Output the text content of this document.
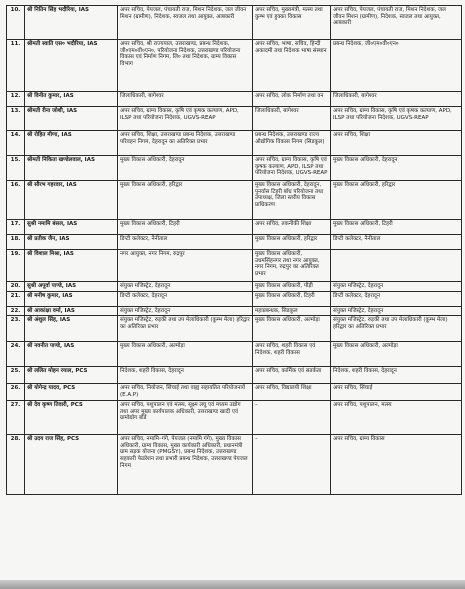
10.	श्री नितिन सिंह भदौरिया, IAS	अपर सचिव, पेयजल, पंचायती राज, मिशन निदेशक, जल जीवन मिशन (ग्रामीण), निदेशक, स्वजल तथा आयुक्त, आबकारी	अपर सचिव, मुख्यमंत्री, मत्स्य तथा कुम्भ एवं हुक्का विकास	अपर सचिव, पेयजल, पंचायती राज, मिशन निदेशक, जल जीवन मिशन (ग्रामीण), निदेशक, स्वजल तथा आयुक्त, आबकारी
11.	श्रीमती स्वाति एस० भदौरिया, IAS	अपर सचिव, श्री राज्यपाल, उत्तराखण्ड, प्रबन्ध निदेशक, जी०एम०वी०एन०, परियोजना निदेशक, उत्तराखण्ड परियोजना विकास एवं निर्माण निगम, लि० तथा निदेशक, ग्राम्य विकास विभाग	अपर सचिव, भाषा, सचिव, हिन्दी अकादमी तथा निदेशक भाषा संस्थान	प्रबन्ध निदेशक, जी०एम०वी०एन०
12.	श्री विनीत कुमार, IAS	जिलाधिकारी, बागेश्वर	अपर सचिव, लोक निर्माण तथा वन	जिलाधिकारी, बागेश्वर
13.	श्रीमती रीना जोशी, IAS	अपर सचिव, ग्राम्य विकास, कृषि एवं कृषक कल्याण, APD, ILSP तथा परियोजना निदेशक, UGVS-REAP	जिलाधिकारी, बागेश्वर	अपर सचिव, ग्राम्य विकास, कृषि एवं कृषक कल्याण, APD, ILSP तथा परियोजना निदेशक, UGVS-REAP
14.	श्री रोहित मीणा, IAS	अपर सचिव, शिक्षा, उत्तराखण्ड प्रबन्ध निदेशक, उत्तराखण्ड परिवहन निगम, देहरादून का अतिरिक्त प्रभार	प्रबन्ध निदेशक, उत्तराखण्ड राज्य औद्योगिक विकास निगम (सिडकुल)	अपर सचिव, शिक्षा
15.	श्रीमती निकिता खण्डेलवाल, IAS	मुख्य विकास अधिकारी, देहरादून	अपर सचिव, ग्राम्य विकास, कृषि एवं कृषक कल्याण, APD, ILSP तथा परियोजना निदेशक, UGVS-REAP	मुख्य विकास अधिकारी, देहरादून
16.	श्री सौरभ गहरवार, IAS	मुख्य विकास अधिकारी, हरिद्वार	मुख्य विकास अधिकारी, देहरादून, पुनर्वास टिहरी बाँध परियोजना तथा उपाध्यक्ष, जिला स्तरीय विकास प्राधिकरण	मुख्य विकास अधिकारी, हरिद्वार
17.	सुश्री नमामि बंसल, IAS	मुख्य विकास अधिकारी, टिहरी	अपर सचिव, तकनीकी शिक्षा	मुख्य विकास अधिकारी, टिहरी
18.	श्री प्रतीक जैन, IAS	डिप्टी कलेक्टर, नैनीताल	मुख्य विकास अधिकारी, हरिद्वार	डिप्टी कलेक्टर, नैनीताल
19.	श्री विशाल मिश्रा, IAS	नगर आयुक्त, नगर निगम, रुद्रपुर	मुख्य विकास अधिकारी, उधमसिंहनगर तथा नगर आयुक्त, नगर निगम, रुद्रपुर का अतिरिक्त प्रभार	
20.	सुश्री अपूर्वा पाण्डे, IAS	संयुक्त मजिस्ट्रेट, देहरादून	मुख्य विकास अधिकारी, पौड़ी	संयुक्त मजिस्ट्रेट, देहरादून
21.	श्री मनीष कुमार, IAS	डिप्टी कलेक्टर, देहरादून	मुख्य विकास अधिकारी, टिहरी	डिप्टी कलेक्टर, देहरादून
22.	श्री आकांक्षा वर्मा, IAS	संयुक्त मजिस्ट्रेट, देहरादून	महाप्रबन्धक, सिडकुल	संयुक्त मजिस्ट्रेट, देहरादून
23.	श्री अंशुल सिंह, IAS	संयुक्त मजिस्ट्रेट, रुड़की तथा उप मेलाधिकारी (कुम्भ मेला) हरिद्वार का अतिरिक्त प्रभार	मुख्य विकास अधिकारी, अल्मोड़ा	संयुक्त मजिस्ट्रेट, रुड़की तथा उप मेलाधिकारी (कुम्भ मेला) हरिद्वार का अतिरिक्त प्रभार
24.	श्री नवनीत पाण्डे, IAS	मुख्य विकास अधिकारी, अल्मोड़ा	अपर सचिव, शहरी विकास एवं निदेशक, शहरी विकास	मुख्य विकास अधिकारी, अल्मोड़ा
25.	श्री ललित मोहन रयाल, PCS	निदेशक, शहरी विकास, देहरादून	अपर सचिव, कार्मिक एवं सतर्कता	निदेशक, शहरी विकास, देहरादून
26.	श्री योगेन्द्र यादव, PCS	अपर सचिव, नियोजन, सिंचाई तथा वाह्य सहायतित परियोजनायें (E.A.P)	अपर सचिव, विद्यालयी शिक्षा	अपर सचिव, सिंचाई
27.	श्री देव कृष्ण तिवारी, PCS	अपर सचिव, पशुपालन एवं मत्स्य, सूक्ष्म लघु एवं मध्यम उद्योग तथा अपर मुख्य कार्यपालक अधिकारी, उत्तराखण्ड खादी एवं ग्रामोद्योग बोर्ड	–	अपर सचिव, पशुपालन, मत्स्य
28.	श्री उदय राज सिंह, PCS	अपर सचिव, नमामि–गंगे, पेयजल (नमामि गंगे), मुख्य विकास अधिकारी, ग्राम्य विकास, मुख्य कार्यकारी अधिकारी, प्रधानमंत्री ग्राम सड़क योजना (PMGSY), प्रबन्ध निदेशक, उत्तराखण्ड सहकारी फेडरेशन तथा प्रभारी प्रबन्ध निदेशक, उत्तराखण्ड पेयजल निगम	–	अपर सचिव, ग्राम्य विकास
